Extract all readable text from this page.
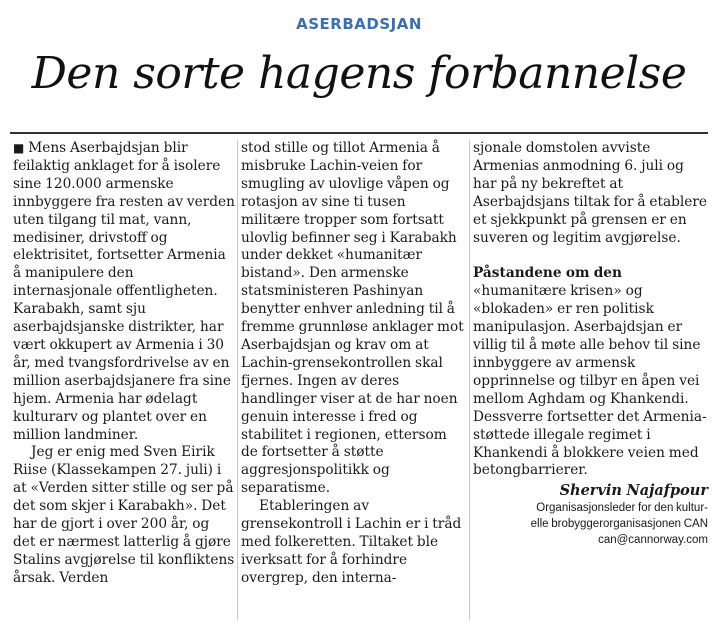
ASERBADSJAN
Den sorte hagens forbannelse

■ Mens Aserbajdsjan blir feilaktig anklaget for å isolere sine 120.000 armenske innbyggere fra resten av verden uten tilgang til mat, vann, medisiner, drivstoff og elektrisitet, fortsetter Armenia å manipulere den internasjonale offentligheten. Karabakh, samt sju aserbajdsjanske distrikter, har vært okkupert av Armenia i 30 år, med tvangsfordrivelse av en million aserbajdsjanere fra sine hjem. Armenia har ødelagt kulturarv og plantet over en million landminer.

Jeg er enig med Sven Eirik Riise (Klassekampen 27. juli) i at «Verden sitter stille og ser på det som skjer i Karabakh». Det har de gjort i over 200 år, og det er nærmest latterlig å gjøre Stalins avgjørelse til konfliktens årsak. Verden

stod stille og tillot Armenia å misbruke Lachin-veien for smugling av ulovlige våpen og rotasjon av sine ti tusen militære tropper som fortsatt ulovlig befinner seg i Karabakh under dekket «humanitær bistand». Den armenske statsministeren Pashinyan benytter enhver anledning til å fremme grunnløse anklager mot Aserbajdsjan og krav om at Lachin-grensekontrollen skal fjernes. Ingen av deres handlinger viser at de har noen genuin interesse i fred og stabilitet i regionen, ettersom de fortsetter å støtte aggresjonspolitikk og separatisme.

Etableringen av grensekontroll i Lachin er i tråd med folkeretten. Tiltaket ble iverksatt for å forhindre overgrep, den interna-

sjonale domstolen avviste Armenias anmodning 6. juli og har på ny bekreftet at Aserbajdsjans tiltak for å etablere et sjekkpunkt på grensen er en suveren og legitim avgjørelse.

Påstandene om den

«humanitære krisen» og «blokaden» er ren politisk manipulasjon. Aserbajdsjan er villig til å møte alle behov til sine innbyggere av armensk opprinnelse og tilbyr en åpen vei mellom Aghdam og Khankendi. Dessverre fortsetter det Armenia-støttede illegale regimet i Khankendi å blokkere veien med betongbarrierer.

Shervin Najafpour
Organisasjonsleder for den kultur-
elle brobyggerorganisasjonen CAN
can@cannorway.com
